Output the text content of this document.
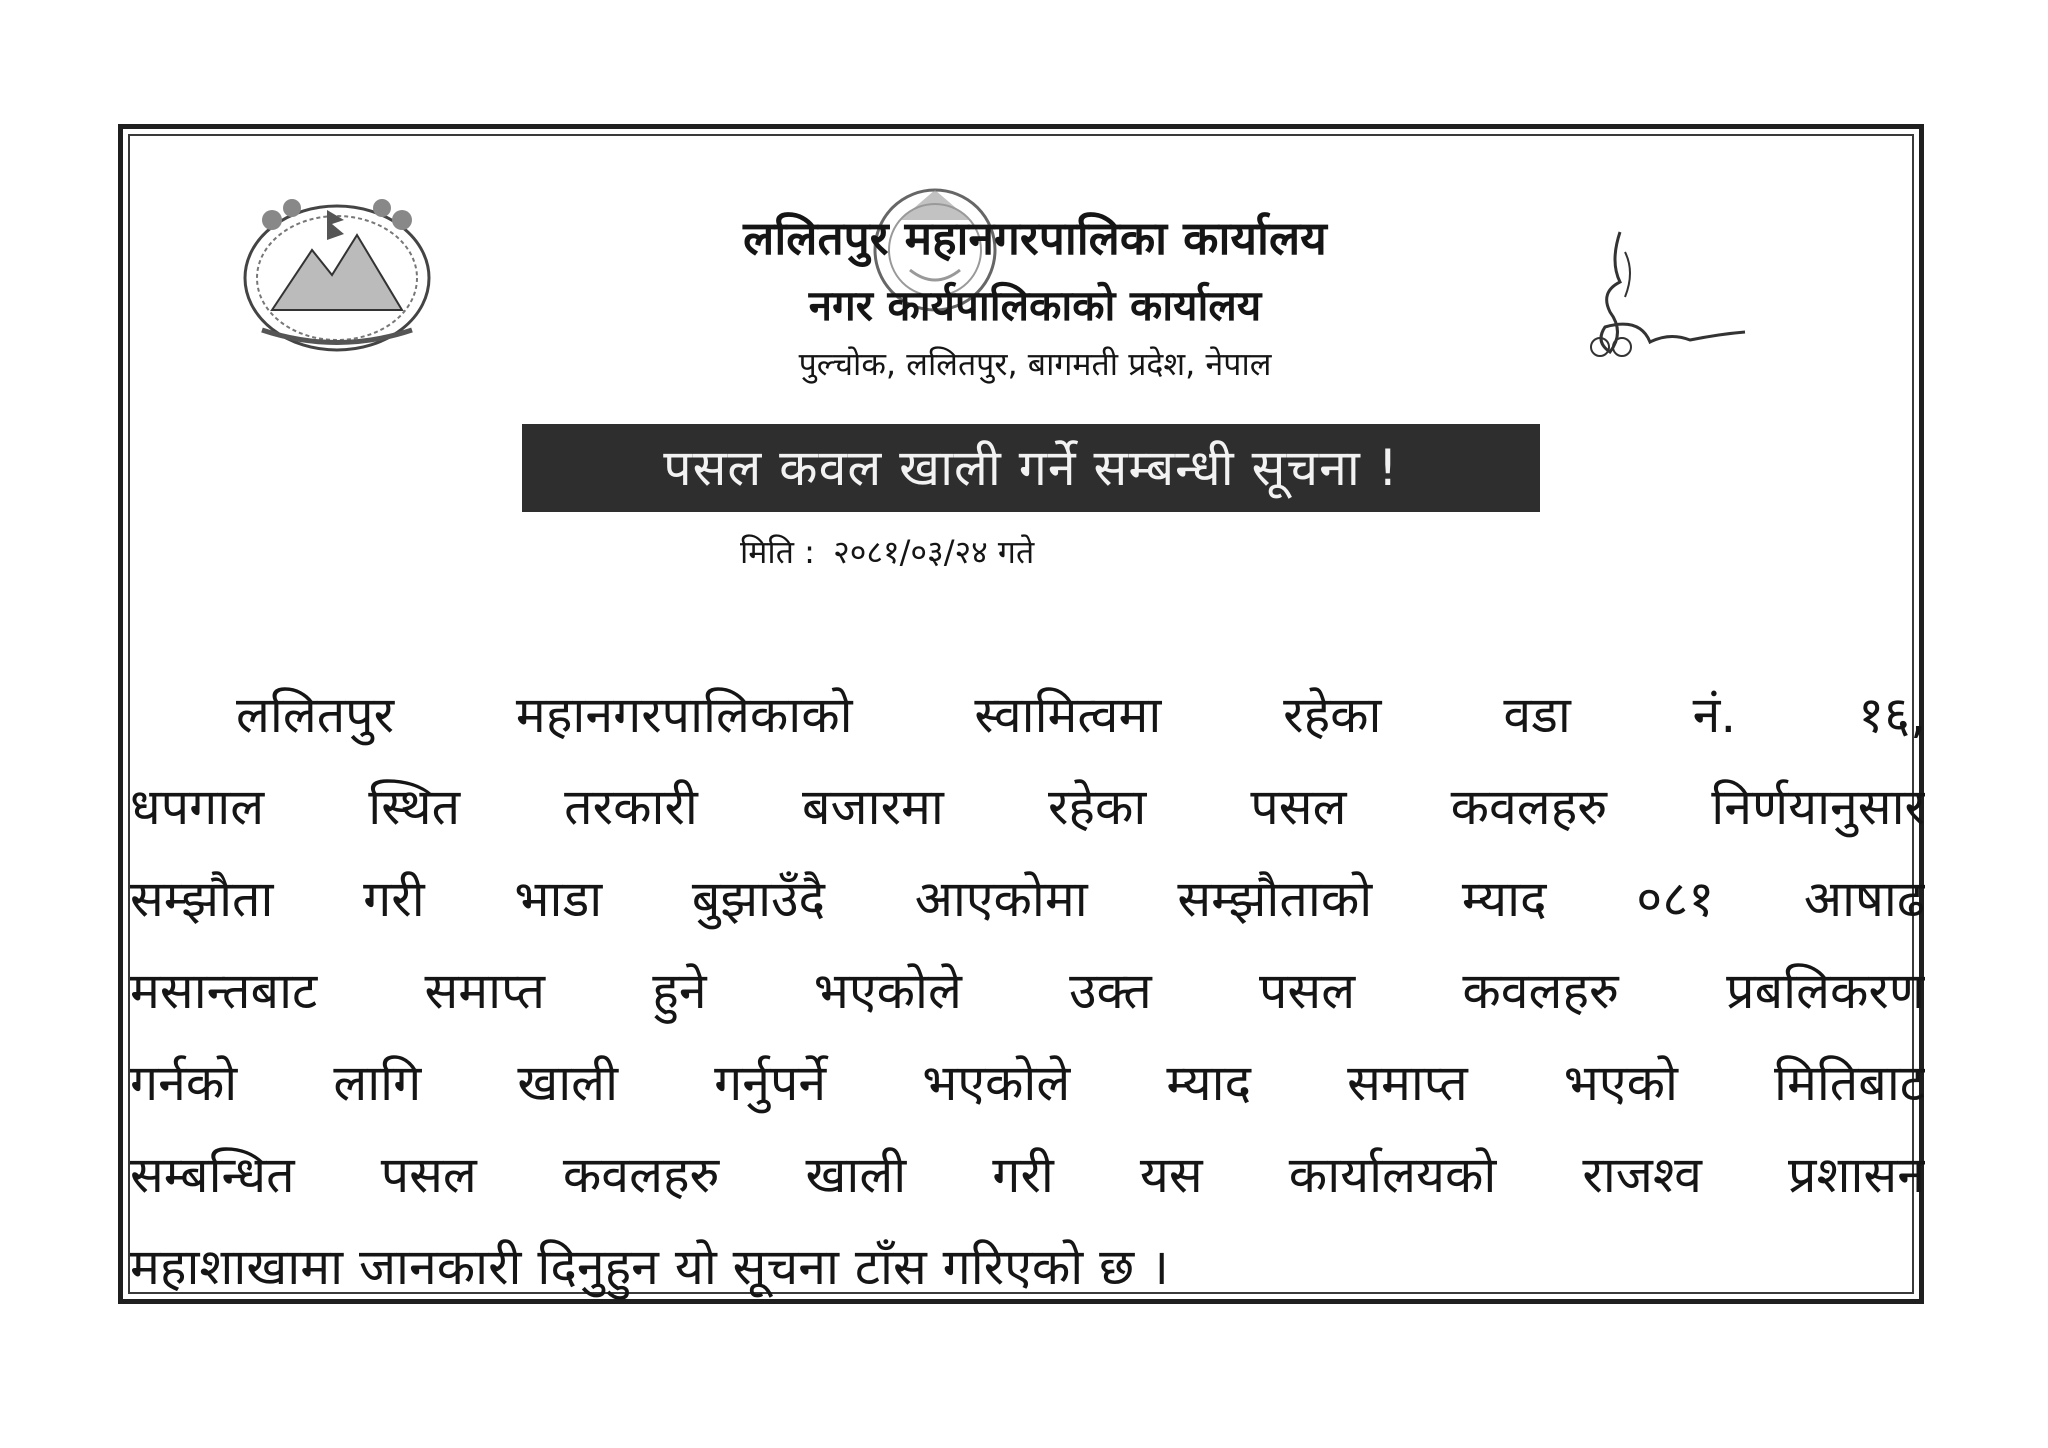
ललितपुर महानगरपालिका कार्यालय
नगर कार्यपालिकाको कार्यालय
पुल्चोक, ललितपुर, बागमती प्रदेश, नेपाल
पसल कवल खाली गर्ने सम्बन्धी सूचना !
मिति : २०८१/०३/२४ गते
ललितपुर महानगरपालिकाको स्वामित्वमा रहेका वडा नं. १६,
धपगाल स्थित तरकारी बजारमा रहेका पसल कवलहरु निर्णयानुसार
सम्झौता गरी भाडा बुझाउँदै आएकोमा सम्झौताको म्याद ०८१ आषाढ
मसान्तबाट समाप्त हुने भएकोले उक्त पसल कवलहरु प्रबलिकरण
गर्नको लागि खाली गर्नुपर्ने भएकोले म्याद समाप्त भएको मितिबाट
सम्बन्धित पसल कवलहरु खाली गरी यस कार्यालयको राजश्व प्रशासन
महाशाखामा जानकारी दिनुहुन यो सूचना टाँस गरिएको छ ।
